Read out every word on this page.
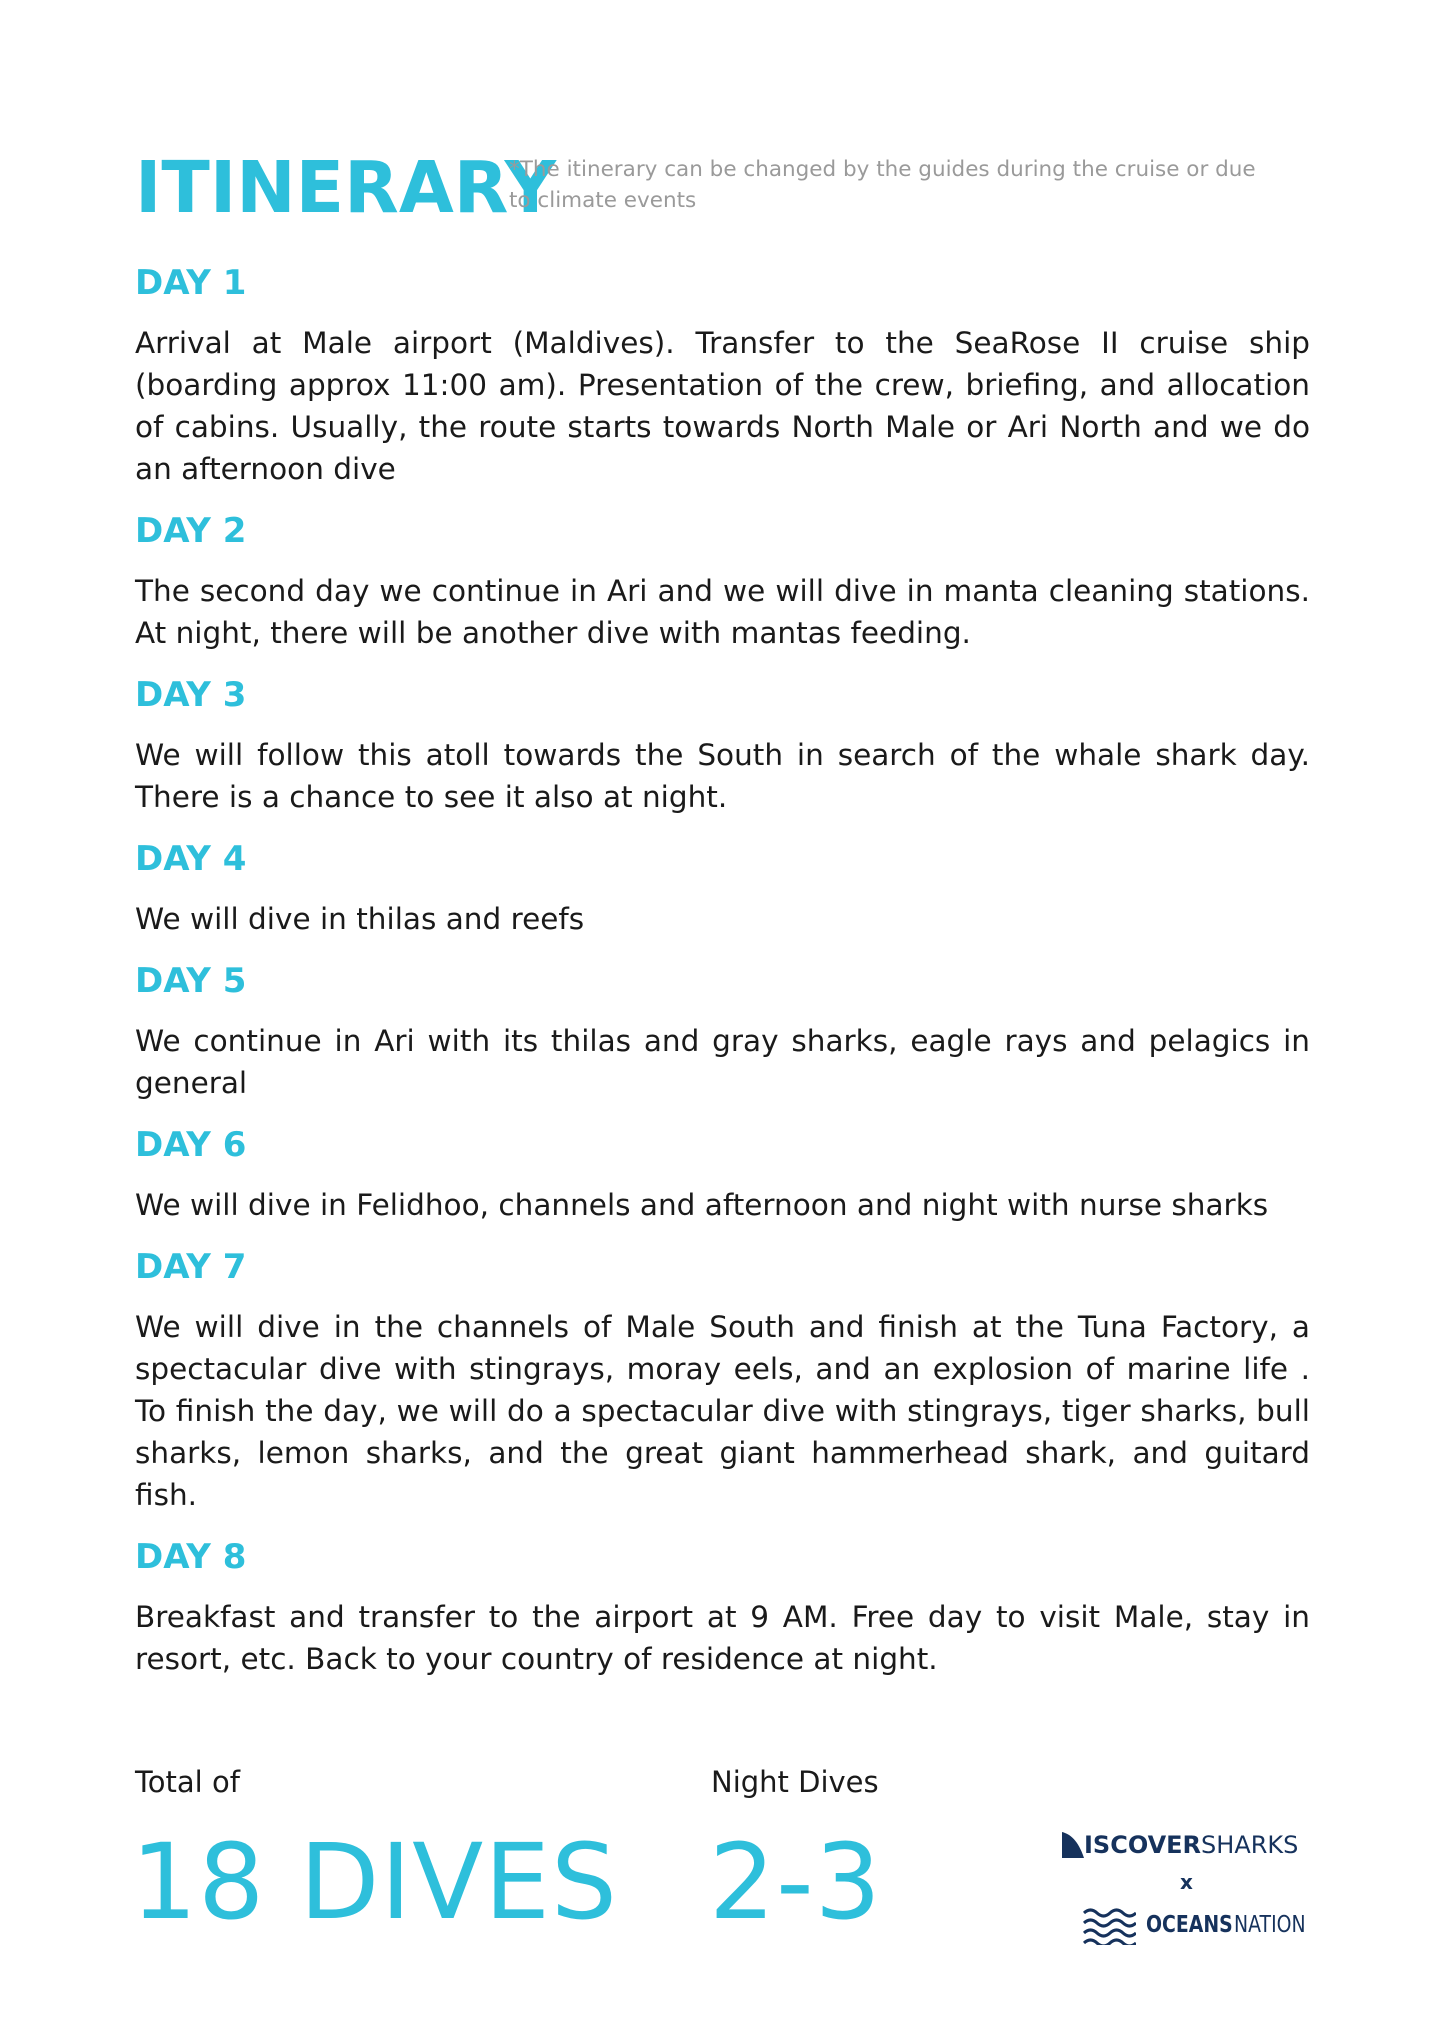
ITINERARY
*The itinerary can be changed by the guides during the cruise or due to climate events
DAY 1
Arrival at Male airport (Maldives). Transfer to the SeaRose II cruise ship (boarding approx 11:00 am). Presentation of the crew, briefing, and allocation of cabins. Usually, the route starts towards North Male or Ari North and we do an afternoon dive
DAY 2
The second day we continue in Ari and we will dive in manta cleaning stations. At night, there will be another dive with mantas feeding.
DAY 3
We will follow this atoll towards the South in search of the whale shark day. There is a chance to see it also at night.
DAY 4
We will dive in thilas and reefs
DAY 5
We continue in Ari with its thilas and gray sharks, eagle rays and pelagics in general
DAY 6
We will dive in Felidhoo, channels and afternoon and night with nurse sharks
DAY 7
We will dive in the channels of Male South and finish at the Tuna Factory, a spectacular dive with stingrays, moray eels, and an explosion of marine life . To finish the day, we will do a spectacular dive with stingrays, tiger sharks, bull sharks, lemon sharks, and the great giant hammerhead shark, and guitard fish.
DAY 8
Breakfast and transfer to the airport at 9 AM. Free day to visit Male, stay in resort, etc. Back to your country of residence at night.
Total of
18 DIVES
Night Dives
2-3	ISCOVER SHARKS
x
OCEANS NATION
